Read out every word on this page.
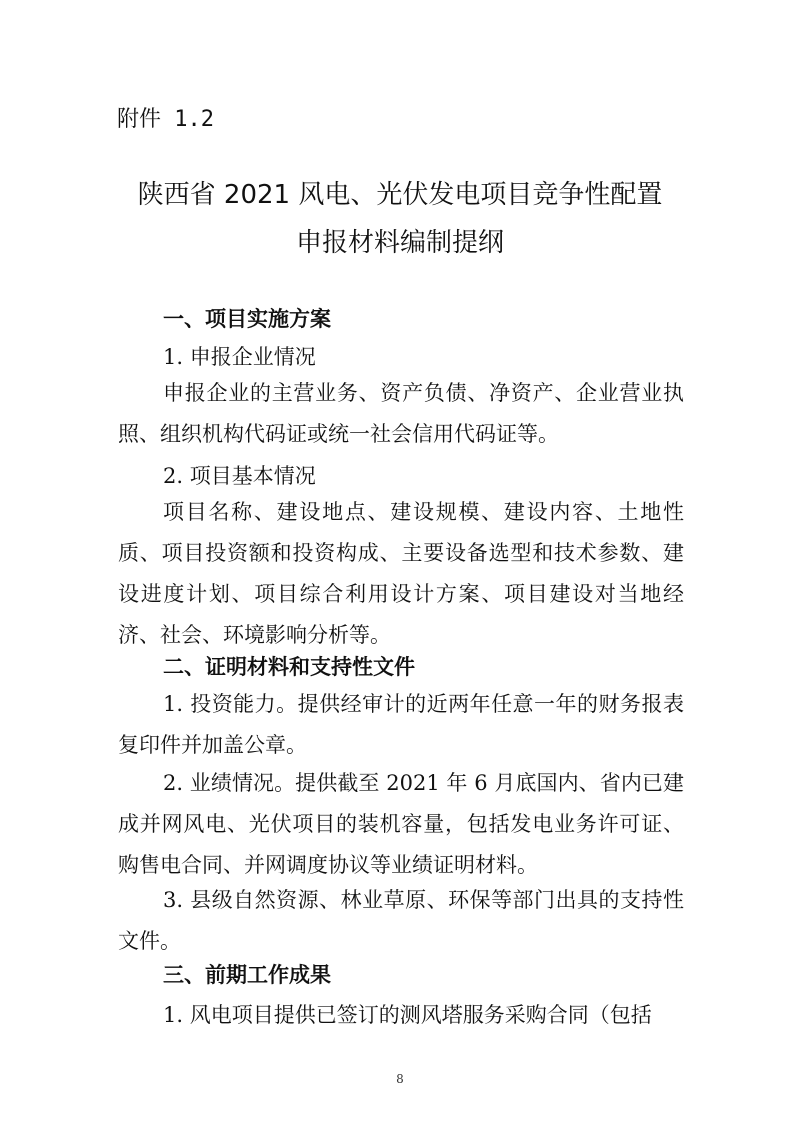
附件 1.2
陕西省 2021 风电、光伏发电项目竞争性配置
申报材料编制提纲
一、项目实施方案
1. 申报企业情况

申报企业的主营业务、资产负债、净资产、企业营业执照、组织机构代码证或统一社会信用代码证等。

2. 项目基本情况

项目名称、建设地点、建设规模、建设内容、土地性质、项目投资额和投资构成、主要设备选型和技术参数、建设进度计划、项目综合利用设计方案、项目建设对当地经济、社会、环境影响分析等。

二、证明材料和支持性文件

1. 投资能力。提供经审计的近两年任意一年的财务报表复印件并加盖公章。

2. 业绩情况。提供截至 2021 年 6 月底国内、省内已建成并网风电、光伏项目的装机容量，包括发电业务许可证、购售电合同、并网调度协议等业绩证明材料。

3. 县级自然资源、林业草原、环保等部门出具的支持性文件。

三、前期工作成果

1. 风电项目提供已签订的测风塔服务采购合同（包括

8
